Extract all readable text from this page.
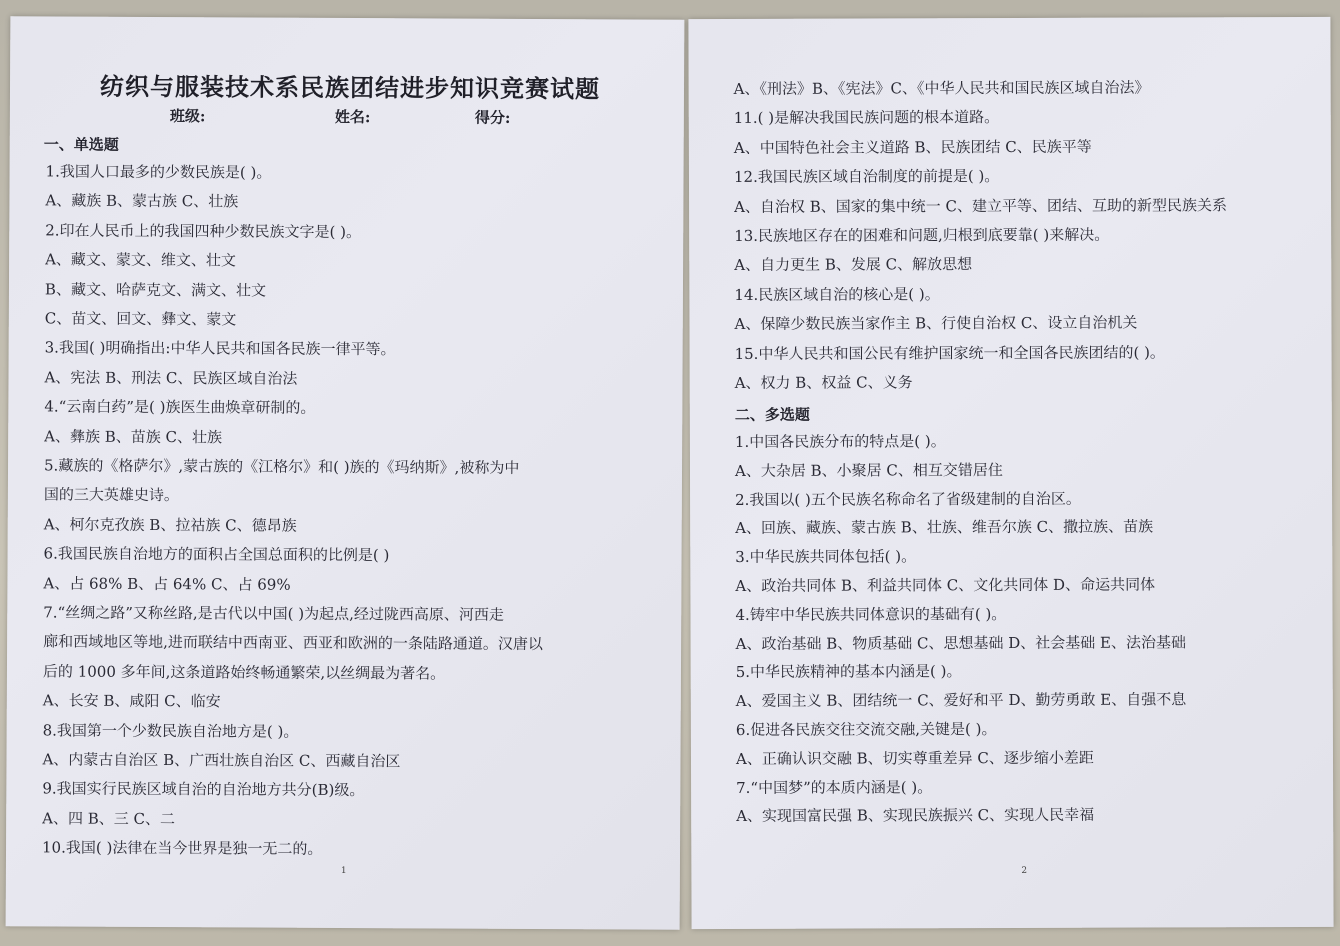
纺织与服装技术系民族团结进步知识竞赛试题
班级:	姓名:	得分:
一、单选题
1.我国人口最多的少数民族是( )。
A、藏族 B、蒙古族 C、壮族
2.印在人民币上的我国四种少数民族文字是( )。
A、藏文、蒙文、维文、壮文
B、藏文、哈萨克文、满文、壮文
C、苗文、回文、彝文、蒙文
3.我国( )明确指出:中华人民共和国各民族一律平等。
A、宪法 B、刑法 C、民族区域自治法
4.“云南白药”是( )族医生曲焕章研制的。
A、彝族 B、苗族 C、壮族
5.藏族的《格萨尔》,蒙古族的《江格尔》和( )族的《玛纳斯》,被称为中
国的三大英雄史诗。
A、柯尔克孜族 B、拉祜族 C、德昂族
6.我国民族自治地方的面积占全国总面积的比例是( )
A、占 68% B、占 64% C、占 69%
7.“丝绸之路”又称丝路,是古代以中国( )为起点,经过陇西高原、河西走
廊和西域地区等地,进而联结中西南亚、西亚和欧洲的一条陆路通道。汉唐以
后的 1000 多年间,这条道路始终畅通繁荣,以丝绸最为著名。
A、长安 B、咸阳 C、临安
8.我国第一个少数民族自治地方是( )。
A、内蒙古自治区 B、广西壮族自治区 C、西藏自治区
9.我国实行民族区域自治的自治地方共分(B)级。
A、四 B、三 C、二
10.我国( )法律在当今世界是独一无二的。
1
A、《刑法》B、《宪法》C、《中华人民共和国民族区域自治法》
11.( )是解决我国民族问题的根本道路。
A、中国特色社会主义道路 B、民族团结 C、民族平等
12.我国民族区域自治制度的前提是( )。
A、自治权 B、国家的集中统一 C、建立平等、团结、互助的新型民族关系
13.民族地区存在的困难和问题,归根到底要靠( )来解决。
A、自力更生 B、发展 C、解放思想
14.民族区域自治的核心是( )。
A、保障少数民族当家作主 B、行使自治权 C、设立自治机关
15.中华人民共和国公民有维护国家统一和全国各民族团结的( )。
A、权力 B、权益 C、义务
二、多选题
1.中国各民族分布的特点是( )。
A、大杂居 B、小聚居 C、相互交错居住
2.我国以( )五个民族名称命名了省级建制的自治区。
A、回族、藏族、蒙古族 B、壮族、维吾尔族 C、撒拉族、苗族
3.中华民族共同体包括( )。
A、政治共同体 B、利益共同体 C、文化共同体 D、命运共同体
4.铸牢中华民族共同体意识的基础有( )。
A、政治基础 B、物质基础 C、思想基础 D、社会基础 E、法治基础
5.中华民族精神的基本内涵是( )。
A、爱国主义 B、团结统一 C、爱好和平 D、勤劳勇敢 E、自强不息
6.促进各民族交往交流交融,关键是( )。
A、正确认识交融 B、切实尊重差异 C、逐步缩小差距
7.“中国梦”的本质内涵是( )。
A、实现国富民强 B、实现民族振兴 C、实现人民幸福
2
